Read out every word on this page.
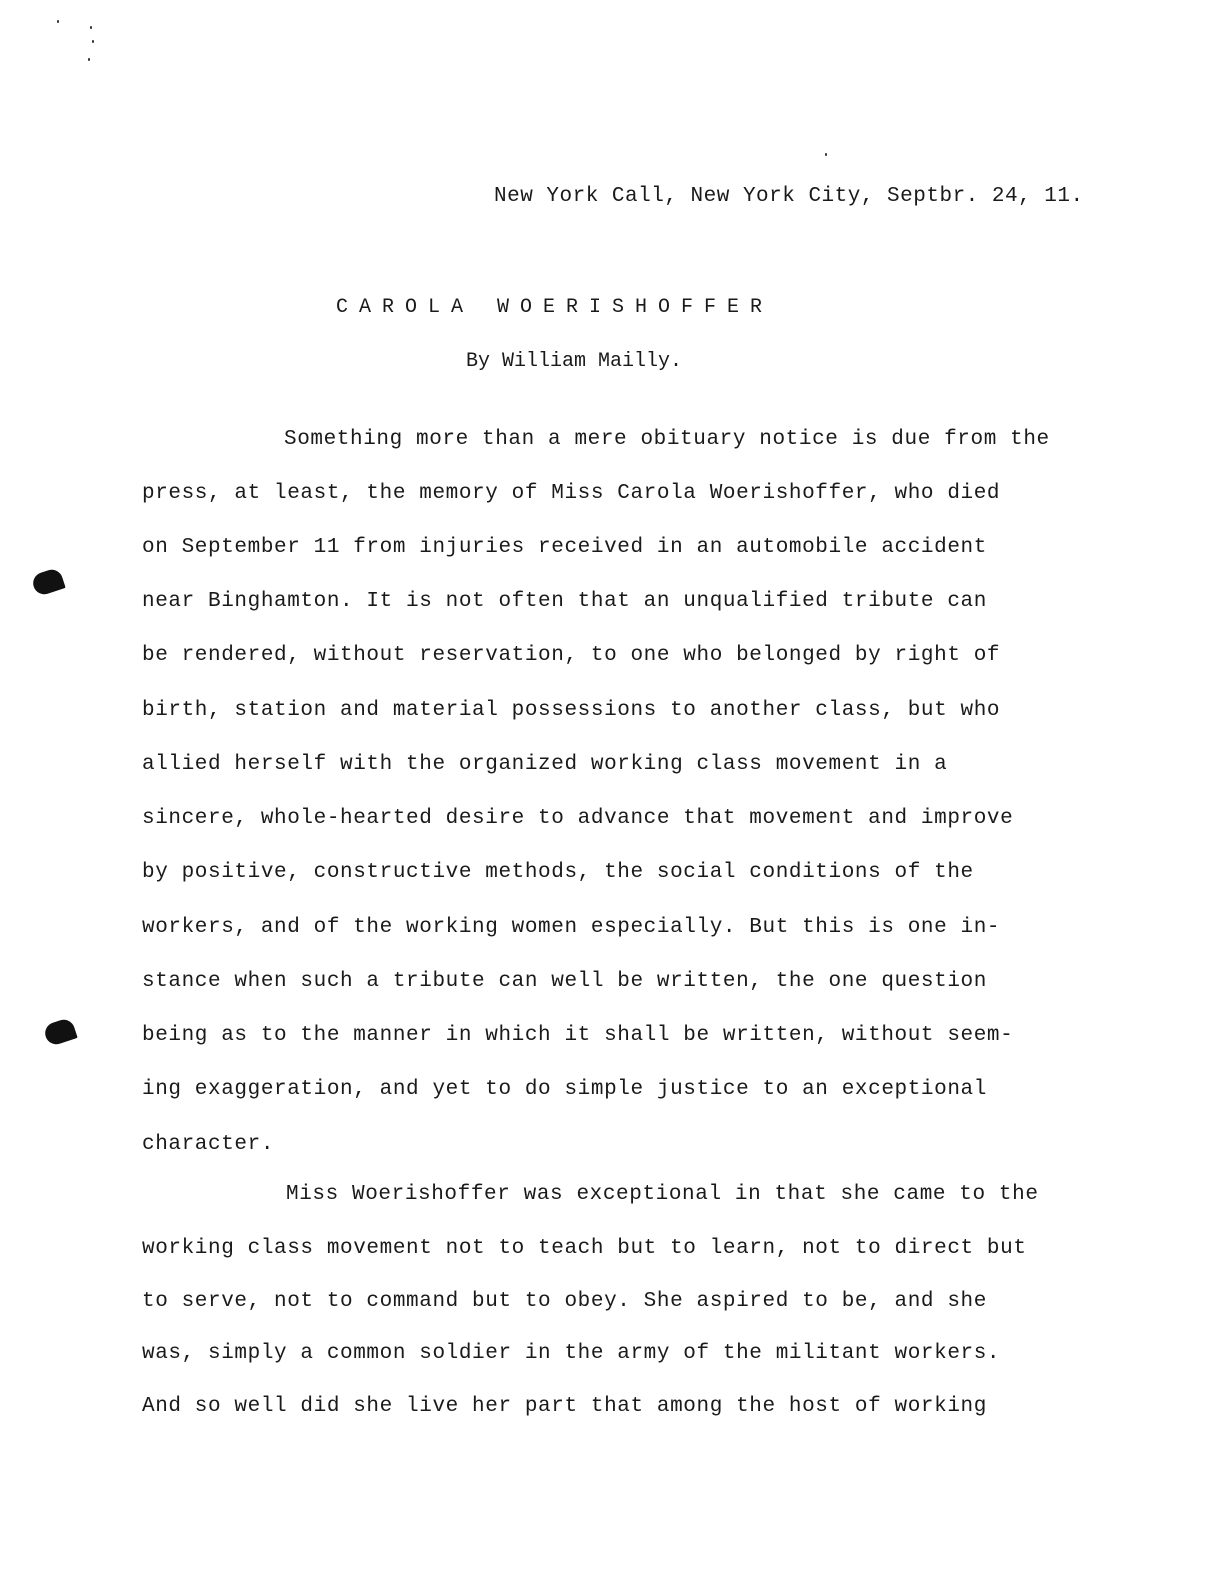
New York Call, New York City, Septbr. 24, 11.
CAROLA WOERISHOFFER
By William Mailly.
Something more than a mere obituary notice is due from the
press, at least, the memory of Miss Carola Woerishoffer, who died
on September 11 from injuries received in an automobile accident
near Binghamton. It is not often that an unqualified tribute can
be rendered, without reservation, to one who belonged by right of
birth, station and material possessions to another class, but who
allied herself with the organized working class movement in a
sincere, whole-hearted desire to advance that movement and improve
by positive, constructive methods, the social conditions of the
workers, and of the working women especially. But this is one in-
stance when such a tribute can well be written, the one question
being as to the manner in which it shall be written, without seem-
ing exaggeration, and yet to do simple justice to an exceptional
character.
Miss Woerishoffer was exceptional in that she came to the
working class movement not to teach but to learn, not to direct but
to serve, not to command but to obey. She aspired to be, and she
was, simply a common soldier in the army of the militant workers.
And so well did she live her part that among the host of working
